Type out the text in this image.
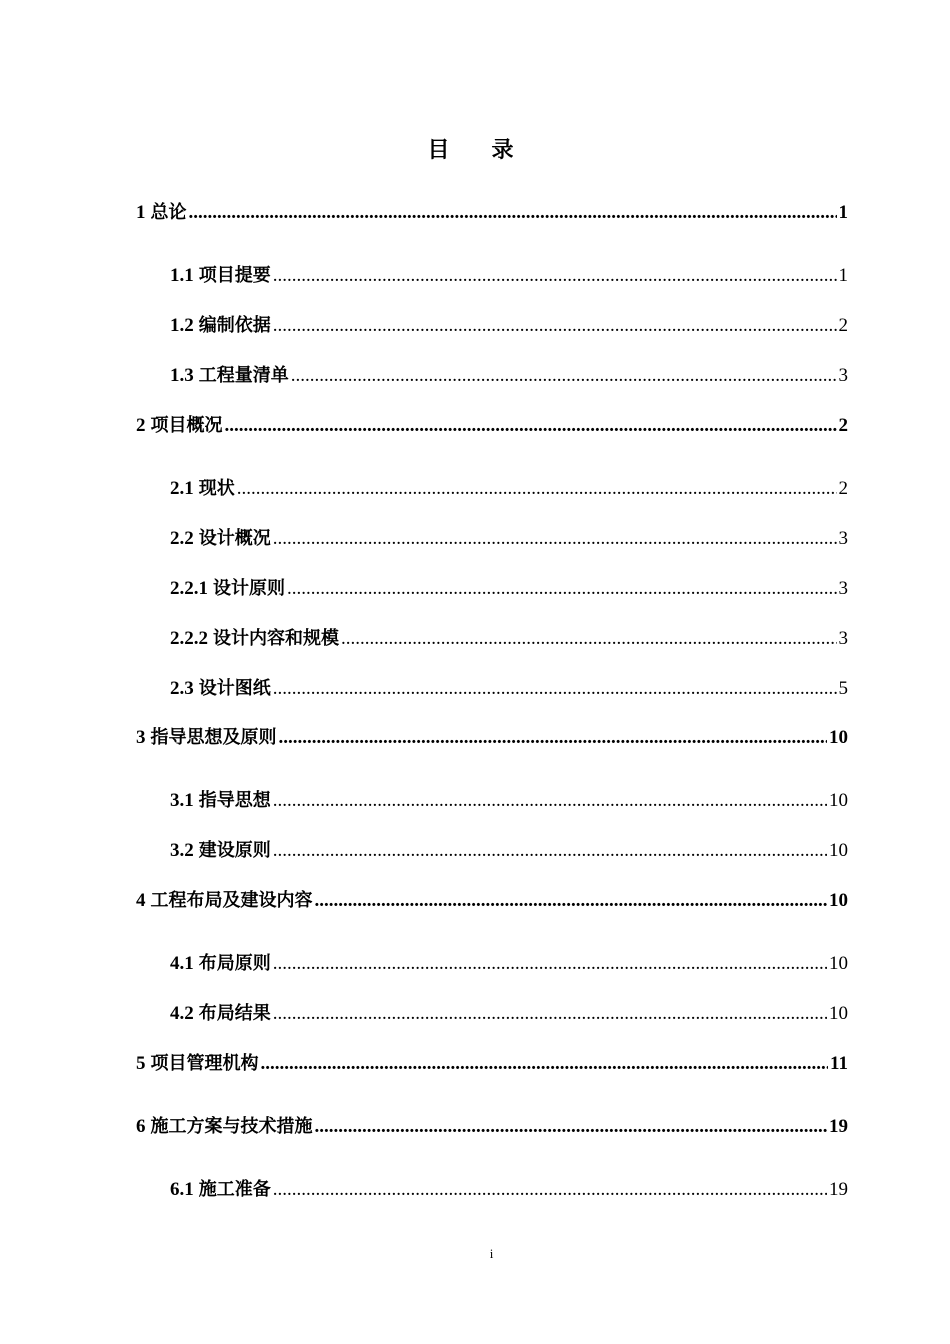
目录
1 总论 .....	1
1.1 项目提要 .....	1
1.2 编制依据 .....	2
1.3 工程量清单 .....	3
2 项目概况 .....	2
2.1 现状 .....	2
2.2 设计概况 .....	3
2.2.1 设计原则 .....	3
2.2.2 设计内容和规模 .....	3
2.3 设计图纸 .....	5
3 指导思想及原则 .....	10
3.1 指导思想 .....	10
3.2 建设原则 .....	10
4 工程布局及建设内容 .....	10
4.1 布局原则 .....	10
4.2 布局结果 .....	10
5 项目管理机构 .....	11
6 施工方案与技术措施 .....	19
6.1 施工准备 .....	19
i
